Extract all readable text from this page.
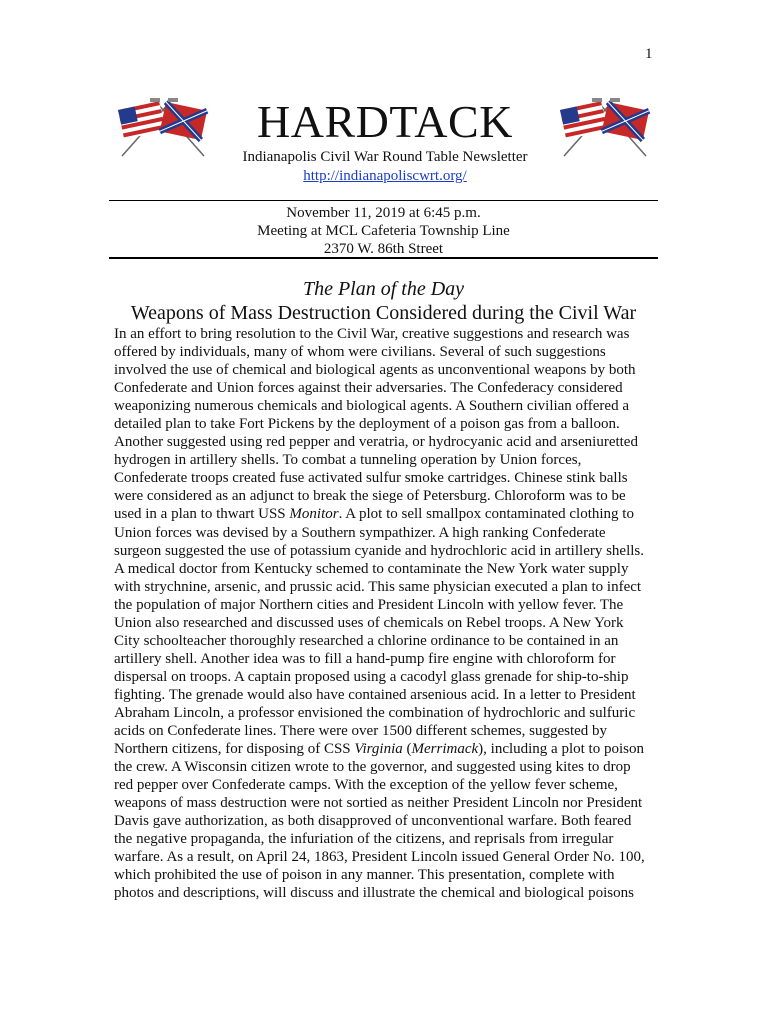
1
HARDTACK
Indianapolis Civil War Round Table Newsletter
http://indianapoliscwrt.org/
November 11, 2019 at 6:45 p.m.
Meeting at MCL Cafeteria Township Line
2370 W. 86th Street
The Plan of the Day
Weapons of Mass Destruction Considered during the Civil War
In an effort to bring resolution to the Civil War, creative suggestions and research was
offered by individuals, many of whom were civilians. Several of such suggestions
involved the use of chemical and biological agents as unconventional weapons by both
Confederate and Union forces against their adversaries. The Confederacy considered
weaponizing numerous chemicals and biological agents. A Southern civilian offered a
detailed plan to take Fort Pickens by the deployment of a poison gas from a balloon.
Another suggested using red pepper and veratria, or hydrocyanic acid and arseniuretted
hydrogen in artillery shells. To combat a tunneling operation by Union forces,
Confederate troops created fuse activated sulfur smoke cartridges. Chinese stink balls
were considered as an adjunct to break the siege of Petersburg. Chloroform was to be
used in a plan to thwart USS Monitor. A plot to sell smallpox contaminated clothing to
Union forces was devised by a Southern sympathizer. A high ranking Confederate
surgeon suggested the use of potassium cyanide and hydrochloric acid in artillery shells.
A medical doctor from Kentucky schemed to contaminate the New York water supply
with strychnine, arsenic, and prussic acid. This same physician executed a plan to infect
the population of major Northern cities and President Lincoln with yellow fever. The
Union also researched and discussed uses of chemicals on Rebel troops. A New York
City schoolteacher thoroughly researched a chlorine ordinance to be contained in an
artillery shell. Another idea was to fill a hand-pump fire engine with chloroform for
dispersal on troops. A captain proposed using a cacodyl glass grenade for ship-to-ship
fighting. The grenade would also have contained arsenious acid. In a letter to President
Abraham Lincoln, a professor envisioned the combination of hydrochloric and sulfuric
acids on Confederate lines. There were over 1500 different schemes, suggested by
Northern citizens, for disposing of CSS Virginia (Merrimack), including a plot to poison
the crew. A Wisconsin citizen wrote to the governor, and suggested using kites to drop
red pepper over Confederate camps. With the exception of the yellow fever scheme,
weapons of mass destruction were not sortied as neither President Lincoln nor President
Davis gave authorization, as both disapproved of unconventional warfare. Both feared
the negative propaganda, the infuriation of the citizens, and reprisals from irregular
warfare. As a result, on April 24, 1863, President Lincoln issued General Order No. 100,
which prohibited the use of poison in any manner. This presentation, complete with
photos and descriptions, will discuss and illustrate the chemical and biological poisons
